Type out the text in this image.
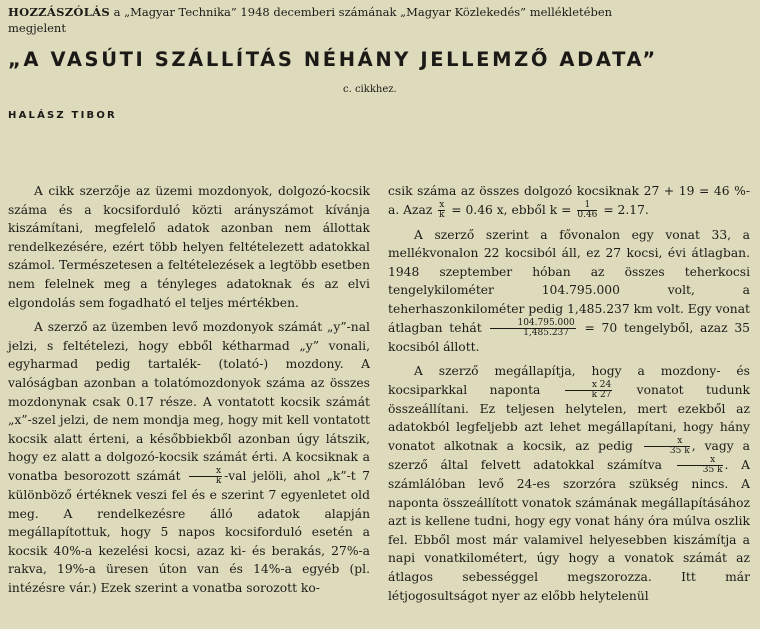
HOZZÁSZÓLÁS a „Magyar Technika” 1948 decemberi számának „Magyar Közlekedés” mellékletében megjelent

„A VASÚTI SZÁLLÍTÁS NÉHÁNY JELLEMZŐ ADATA”

c. cikkhez.

HALÁSZ TIBOR

A cikk szerzője az üzemi mozdonyok, dolgozó-kocsik száma és a kocsiforduló közti arányszámot kívánja kiszámítani, megfelelő adatok azonban nem állottak rendelkezésére, ezért több helyen feltételezett adatokkal számol. Természetesen a feltételezések a legtöbb esetben nem felelnek meg a tényleges adatoknak és az elvi elgondolás sem fogadható el teljes mértékben.

A szerző az üzemben levő mozdonyok számát „y”-nal jelzi, s feltételezi, hogy ebből kétharmad „y” vonali, egyharmad pedig tartalék- (tolató-) mozdony. A valóságban azonban a tolatómozdonyok száma az összes mozdonynak csak 0.17 része. A vontatott kocsik számát „x”-szel jelzi, de nem mondja meg, hogy mit kell vontatott kocsik alatt érteni, a későbbiekből azonban úgy látszik, hogy ez alatt a dolgozó-kocsik számát érti. A kocsiknak a vonatba besorozott számát $\frac{x}{k} -val$ jelöli, ahol „k”-t 7 különböző értéknek veszi fel és e szerint 7 egyenletet old meg. A rendelkezésre álló adatok alapján megállapítottuk, hogy 5 napos kocsiforduló esetén a kocsik 40%-a kezelési kocsi, azaz ki- és berakás, 27%-a rakva, 19%-a üresen úton van és 14%-a egyéb (pl. intézésre vár.) Ezek szerint a vonatba sorozott ko-

csik száma az összes dolgozó kocsiknak 27 + 19 = 46 %-a. Azaz $\frac{x}{k} = 0.46$ x, ebből $k = \frac{1}{0.46} = 2.17$.

A szerző szerint a fővonalon egy vonat 33, a mellékvonalon 22 kocsiból áll, ez 27 kocsi, évi átlagban. 1948 szeptember hóban az összes teherkocsi tengelykilométer 104.795.000 volt, a teherhaszonkilométer pedig 1,485.237 km volt. Egy vonat átlagban tehát $\frac{104.795.000}{1,485.237} = 70$ tengelyből, azaz 35 kocsiból állott.

A szerző megállapítja, hogy a mozdony- és kocsiparkkal naponta	$\frac{x 24}{k 27}$ vonatot tudunk összeállítani. Ez teljesen helytelen, mert ezekből az adatokból legfeljebb azt lehet megállapítani, hogy hány vonatot alkotnak a kocsik, az pedig $\frac{x}{35 k}$ , vagy a szerző által felvett adatokkal számítva $\frac{x}{35 k}$ . A számlálóban levő 24-es szorzóra szükség nincs. A naponta összeállított vonatok számának megállapításához azt is kellene tudni, hogy egy vonat hány óra múlva oszlik fel. Ebből most már valamivel helyesebben kiszámítja a napi vonatkilométert, úgy hogy a vonatok számát az átlagos sebességgel megszorozza. Itt már létjogosultságot nyer az előbb helytelenül
